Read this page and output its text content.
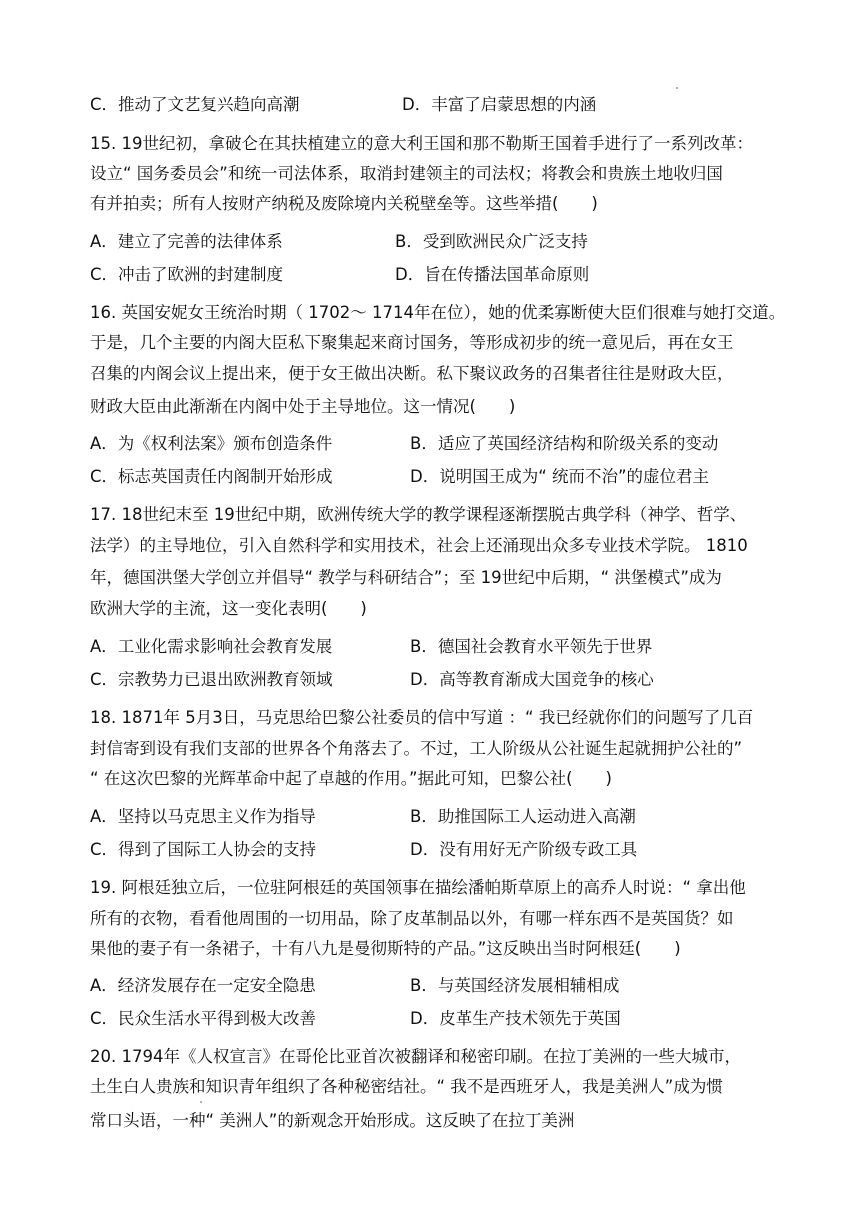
C．推动了文艺复兴趋向高潮	D．丰富了启蒙思想的内涵
15. 19世纪初，拿破仑在其扶植建立的意大利王国和那不勒斯王国着手进行了一系列改革：
设立“ 国务委员会”和统一司法体系，取消封建领主的司法权；将教会和贵族土地收归国
有并拍卖；所有人按财产纳税及废除境内关税壁垒等。这些举措(　　)
A．建立了完善的法律体系	B．受到欧洲民众广泛支持
C．冲击了欧洲的封建制度	D．旨在传播法国革命原则
16. 英国安妮女王统治时期（ 1702～ 1714年在位），她的优柔寡断使大臣们很难与她打交道。
于是，几个主要的内阁大臣私下聚集起来商讨国务，等形成初步的统一意见后，再在女王
召集的内阁会议上提出来，便于女王做出决断。私下聚议政务的召集者往往是财政大臣，
财政大臣由此渐渐在内阁中处于主导地位。这一情况(　　)
A．为《权利法案》颁布创造条件	B．适应了英国经济结构和阶级关系的变动
C．标志英国责任内阁制开始形成	D．说明国王成为“ 统而不治”的虚位君主
17. 18世纪末至 19世纪中期，欧洲传统大学的教学课程逐渐摆脱古典学科（神学、哲学、
法学）的主导地位，引入自然科学和实用技术，社会上还涌现出众多专业技术学院。 1810
年，德国洪堡大学创立并倡导“ 教学与科研结合”；至 19世纪中后期，“ 洪堡模式”成为
欧洲大学的主流，这一变化表明(　　)
A．工业化需求影响社会教育发展	B．德国社会教育水平领先于世界
C．宗教势力已退出欧洲教育领域	D．高等教育渐成大国竞争的核心
18. 1871年 5月3日，马克思给巴黎公社委员的信中写道 ：“ 我已经就你们的问题写了几百
封信寄到设有我们支部的世界各个角落去了。不过，工人阶级从公社诞生起就拥护公社的”
“ 在这次巴黎的光辉革命中起了卓越的作用。”据此可知，巴黎公社(　　)
A．坚持以马克思主义作为指导	B．助推国际工人运动进入高潮
C．得到了国际工人协会的支持	D．没有用好无产阶级专政工具
19. 阿根廷独立后，一位驻阿根廷的英国领事在描绘潘帕斯草原上的高乔人时说：“ 拿出他
所有的衣物，看看他周围的一切用品，除了皮革制品以外，有哪一样东西不是英国货？如
果他的妻子有一条裙子，十有八九是曼彻斯特的产品。”这反映出当时阿根廷(　　)
A．经济发展存在一定安全隐患	B．与英国经济发展相辅相成
C．民众生活水平得到极大改善	D．皮革生产技术领先于英国
20. 1794年《人权宣言》在哥伦比亚首次被翻译和秘密印刷。在拉丁美洲的一些大城市，
土生白人贵族和知识青年组织了各种秘密结社。“ 我不是西班牙人，我是美洲人”成为惯
常口头语，一种“ 美洲人”的新观念开始形成。这反映了在拉丁美洲
